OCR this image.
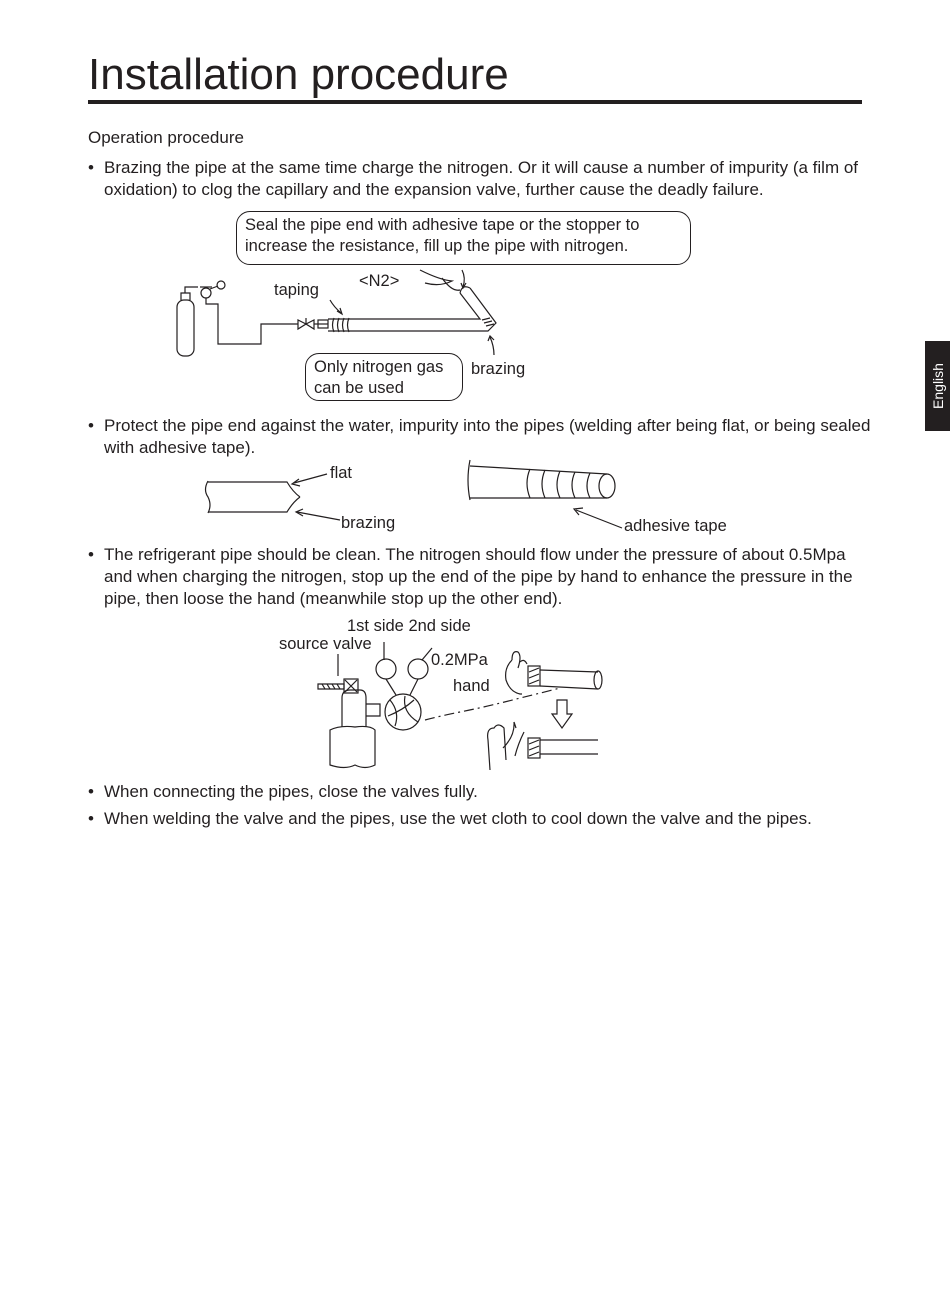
Installation procedure
English
Operation procedure
• Brazing the pipe at the same time charge the nitrogen. Or it will cause a number of impurity (a film of oxidation) to clog the capillary and the expansion valve, further cause the deadly failure.
Seal the pipe end with adhesive tape or the stopper to increase the resistance, fill up the pipe with nitrogen.
Only nitrogen gas can be used
taping <N2>
brazing
• Protect the pipe end against the water, impurity into the pipes (welding after being flat, or being sealed with adhesive tape).
flat
brazing	adhesive tape
• The refrigerant pipe should be clean. The nitrogen should flow under the pressure of about 0.5Mpa and when charging the nitrogen, stop up the end of the pipe by hand to enhance the pressure in the pipe, then loose the hand (meanwhile stop up the other end).
1st side 2nd side
source valve
0.2MPa
hand
• When connecting the pipes, close the valves fully.
• When welding the valve and the pipes, use the wet cloth to cool down the valve and the pipes.
